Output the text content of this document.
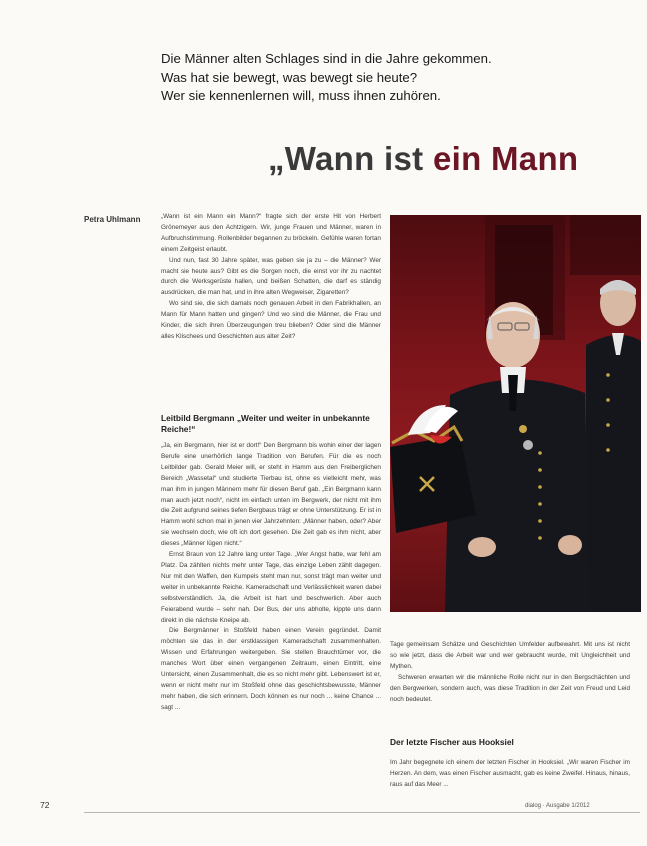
Die Männer alten Schlages sind in die Jahre gekommen.
Was hat sie bewegt, was bewegt sie heute?
Wer sie kennenlernen will, muss ihnen zuhören.
„Wann ist ein Mann
Petra Uhlmann	„Wann ist ein Mann ein Mann?“ fragte sich der erste Hit von Herbert Grönemeyer aus den Achtzigern. Wir, junge Frauen und Männer, waren in Aufbruchstimmung. Rollenbilder begannen zu bröckeln. Gefühle waren fortan einem Zeitgeist erlaubt.

Und nun, fast 30 Jahre später, was geben sie ja zu – die Männer? Wer macht sie heute aus? Gibt es die Sorgen noch, die einst vor ihr zu nachtet durch die Werksgerüste hallen, und beißen Schatten, die darf es ständig ausdrücken, die man hat, und in ihre alten Wegweiser, Zigaretten?

Wo sind sie, die sich damals noch genauen Arbeit in den Fabrikhallen, an Mann für Mann hatten und gingen? Und wo sind die Männer, die Frau und Kinder, die sich ihren Überzeugungen treu blieben? Oder sind die Männer alles Klischees und Geschichten aus alter Zeit?

Leitbild Bergmann „Weiter und weiter in unbekannte Reiche!“

„Ja, ein Bergmann, hier ist er dort!“ Den Bergmann bis wohin einer der lagen Berufe eine unerhörlich lange Tradition von Berufen. Für die es noch Leitbilder gab. Gerald Meier will, er steht in Hamm aus den Freiberglichen Bereich „Wassetal“ und studierte Tierbau ist, ohne es vielleicht mehr, was man ihm in jungen Männern mehr für diesen Beruf gab. „Ein Bergmann kann man auch jetzt noch“, nicht im einfach unten im Bergwerk, der nicht mit ihm die Zeit aufgrund seines tiefen Bergbaus trägt er ohne Unterstützung. Er ist in Hamm wohl schon mal in jenen vier Jahrzehnten: „Männer haben, oder? Aber sie wechseln doch, wie oft ich dort gesehen. Die Zeit gab es ihm nicht, aber dieses „Männer lügen nicht.“

Ernst Braun von 12 Jahre lang unter Tage. „Wer Angst hatte, war fehl am Platz. Da zählten nichts mehr unter Tage, das einzige Leben zählt dagegen. Nur mit den Waffen, den Kumpels steht man nur, sonst trägt man weiter und weiter in unbekannte Reiche. Kameradschaft und Verlässlichkeit waren dabei selbstverständlich. Ja, die Arbeit ist hart und beschwerlich. Aber auch Feierabend wurde – sehr nah. Der Bus, der uns abholte, kippte uns dann direkt in die nächste Kneipe ab.

Die Bergmänner in Stoßfeld haben einen Verein gegründet. Damit möchten sie das in der erstklassigen Kameradschaft zusammenhalten. Wissen und Erfahrungen weitergeben. Sie stellen Brauchtümer vor, die manches Wort über einen vergangenen Zeitraum, einen Eintritt, eine Untersicht, einen Zusammenhalt, die es so nicht mehr gibt. Lebenswert ist er, wenn er nicht mehr nur im Stoßfeld ohne das geschichtsbewusste, Männer mehr haben, die sich erinnern. Doch können es nur noch ... keine Chance ... sagt ...

Tage gemeinsam Schätze und Geschichten Umfelder aufbewahrt. Mit uns ist nicht so wie jetzt, dass die Arbeit war und wer gebraucht wurde, mit Ungleichheit und Mythen.

Schweren erwarten wir die männliche Rolle nicht nur in den Bergschächten und den Bergwerken, sondern auch, was diese Tradition in der Zeit von Freud und Leid noch bedeutet.

Der letzte Fischer aus Hooksiel

Im Jahr begegnete ich einem der letzten Fischer in Hooksiel. „Wir waren Fischer im Herzen. An dem, was einen Fischer ausmacht, gab es keine Zweifel. Hinaus, hinaus, raus auf das Meer ...

72	dialog · Ausgabe 1/2012
